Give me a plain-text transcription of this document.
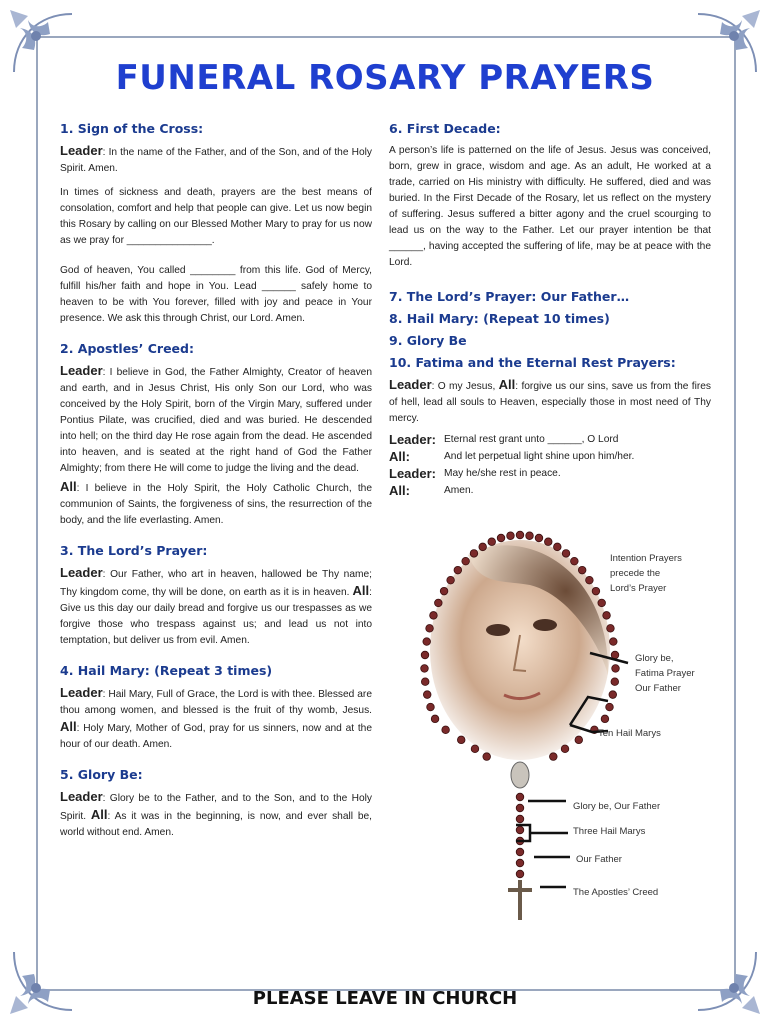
FUNERAL ROSARY PRAYERS
1. Sign of the Cross:

Leader: In the name of the Father, and of the Son, and of the Holy Spirit. Amen.

In times of sickness and death, prayers are the best means of consolation, comfort and help that people can give. Let us now begin this Rosary by calling on our Blessed Mother Mary to pray for us now as we pray for _______________.

God of heaven, You called ________ from this life. God of Mercy, fulfill his/her faith and hope in You. Lead ______ safely home to heaven to be with You forever, filled with joy and peace in Your presence. We ask this through Christ, our Lord. Amen.

2. Apostles’ Creed:

Leader: I believe in God, the Father Almighty, Creator of heaven and earth, and in Jesus Christ, His only Son our Lord, who was conceived by the Holy Spirit, born of the Virgin Mary, suffered under Pontius Pilate, was crucified, died and was buried. He descended into hell; on the third day He rose again from the dead. He ascended into heaven, and is seated at the right hand of God the Father Almighty; from there He will come to judge the living and the dead.

All: I believe in the Holy Spirit, the Holy Catholic Church, the communion of Saints, the forgiveness of sins, the resurrection of the body, and the life everlasting. Amen.

3. The Lord’s Prayer:

Leader: Our Father, who art in heaven, hallowed be Thy name; Thy kingdom come, thy will be done, on earth as it is in heaven. All: Give us this day our daily bread and forgive us our trespasses as we forgive those who trespass against us; and lead us not into temptation, but deliver us from evil. Amen.

4. Hail Mary: (Repeat 3 times)

Leader: Hail Mary, Full of Grace, the Lord is with thee. Blessed are thou among women, and blessed is the fruit of thy womb, Jesus. All: Holy Mary, Mother of God, pray for us sinners, now and at the hour of our death. Amen.

5. Glory Be:

Leader: Glory be to the Father, and to the Son, and to the Holy Spirit. All: As it was in the beginning, is now, and ever shall be, world without end. Amen.

6. First Decade:

A person’s life is patterned on the life of Jesus. Jesus was conceived, born, grew in grace, wisdom and age. As an adult, He worked at a trade, carried on His ministry with difficulty. He suffered, died and was buried. In the First Decade of the Rosary, let us reflect on the mystery of suffering. Jesus suffered a bitter agony and the cruel scourging to lead us on the way to the Father. Let our prayer intention be that ______, having accepted the suffering of life, may be at peace with the Lord.

7. The Lord’s Prayer: Our Father…
8. Hail Mary: (Repeat 10 times)
9. Glory Be
10. Fatima and the Eternal Rest Prayers:

Leader: O my Jesus, All: forgive us our sins, save us from the fires of hell, lead all souls to Heaven, especially those in most need of Thy mercy.

Leader: Eternal rest grant unto ______, O Lord
All:	And let perpetual light shine upon him/her.
Leader: May he/she rest in peace.
All:	Amen.
Intention Prayers
precede the
Lord’s Prayer
Glory be,
Fatima Prayer
Our Father
Ten Hail Marys
Glory be, Our Father
Three Hail Marys
Our Father
The Apostles’ Creed
PLEASE LEAVE IN CHURCH
